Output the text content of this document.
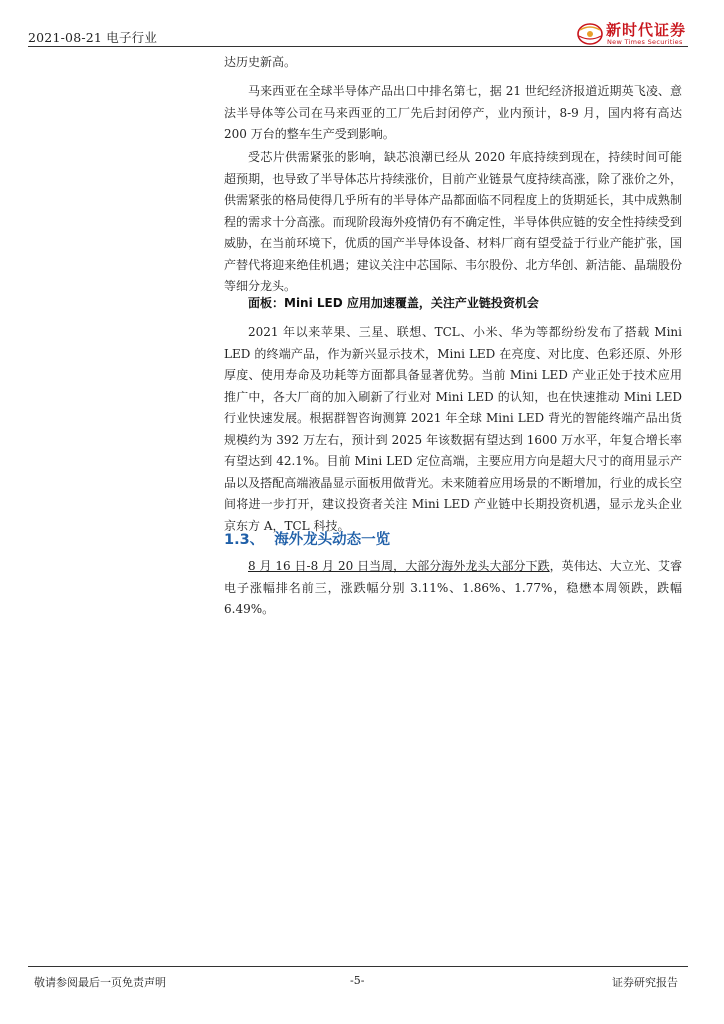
2021-08-21 电子行业	新时代证券
New Times Securities

达历史新高。

马来西亚在全球半导体产品出口中排名第七，据 21 世纪经济报道近期英飞凌、意法半导体等公司在马来西亚的工厂先后封闭停产，业内预计，8-9 月，国内将有高达 200 万台的整车生产受到影响。

受芯片供需紧张的影响，缺芯浪潮已经从 2020 年底持续到现在，持续时间可能超预期，也导致了半导体芯片持续涨价，目前产业链景气度持续高涨，除了涨价之外，供需紧张的格局使得几乎所有的半导体产品都面临不同程度上的货期延长，其中成熟制程的需求十分高涨。而现阶段海外疫情仍有不确定性，半导体供应链的安全性持续受到威胁，在当前环境下，优质的国产半导体设备、材料厂商有望受益于行业产能扩张，国产替代将迎来绝佳机遇；建议关注中芯国际、韦尔股份、北方华创、新洁能、晶瑞股份等细分龙头。

面板：Mini LED 应用加速覆盖，关注产业链投资机会

2021 年以来苹果、三星、联想、TCL、小米、华为等都纷纷发布了搭载 Mini LED 的终端产品，作为新兴显示技术，Mini LED 在亮度、对比度、色彩还原、外形厚度、使用寿命及功耗等方面都具备显著优势。当前 Mini LED 产业正处于技术应用推广中，各大厂商的加入刷新了行业对 Mini LED 的认知，也在快速推动 Mini LED 行业快速发展。根据群智咨询测算 2021 年全球 Mini LED 背光的智能终端产品出货规模约为 392 万左右，预计到 2025 年该数据有望达到 1600 万水平，年复合增长率有望达到 42.1%。目前 Mini LED 定位高端，主要应用方向是超大尺寸的商用显示产品以及搭配高端液晶显示面板用做背光。未来随着应用场景的不断增加，行业的成长空间将进一步打开，建议投资者关注 Mini LED 产业链中长期投资机遇，显示龙头企业京东方 A，TCL 科技。

1.3、 海外龙头动态一览

8 月 16 日-8 月 20 日当周，大部分海外龙头大部分下跌，英伟达、大立光、艾睿电子涨幅排名前三，涨跌幅分别 3.11%、1.86%、1.77%，稳懋本周领跌，跌幅 6.49%。

敬请参阅最后一页免责声明	-5-	证券研究报告
